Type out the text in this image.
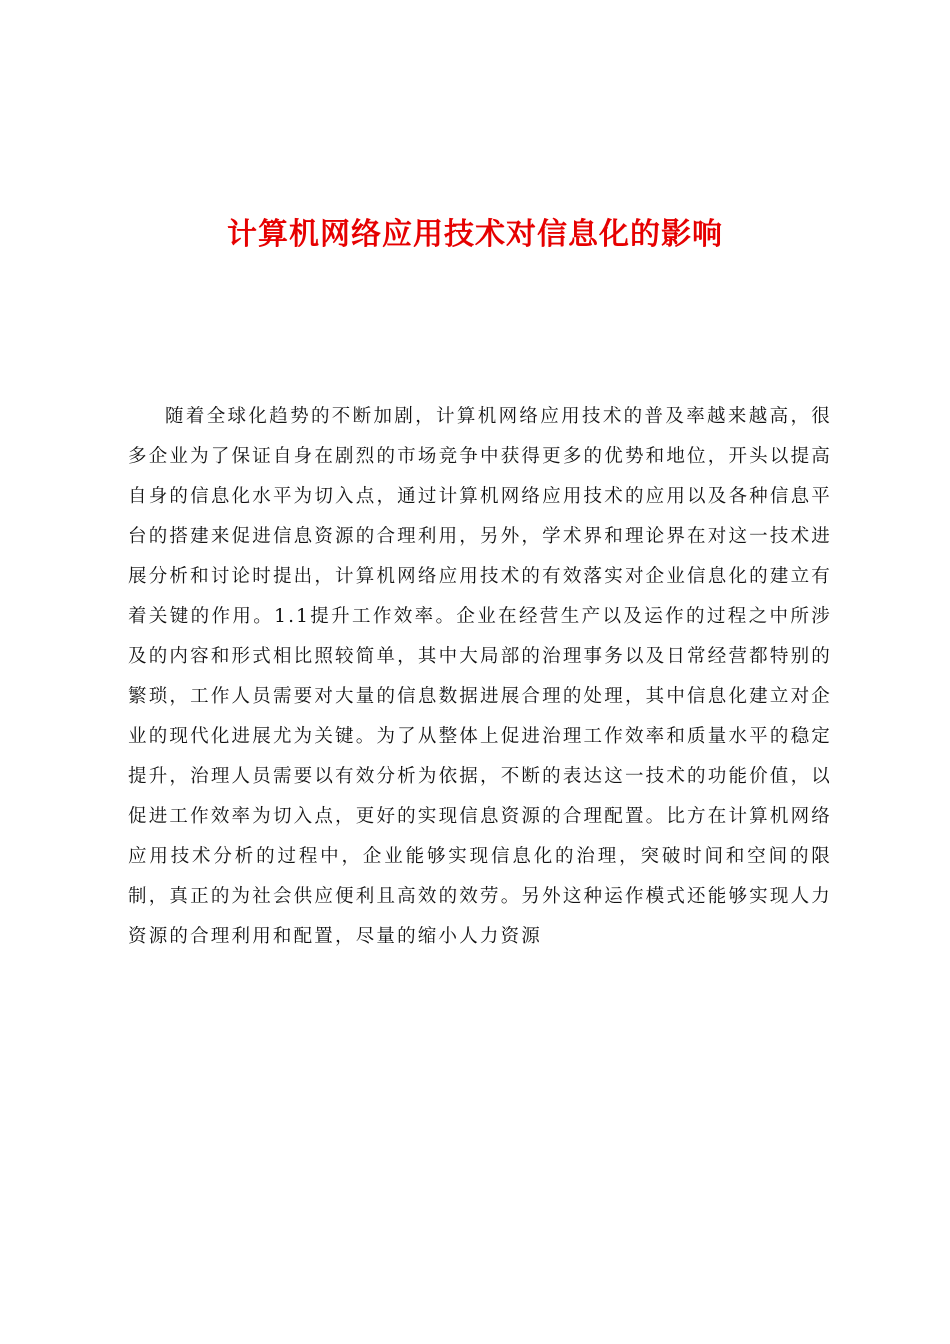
计算机网络应用技术对信息化的影响

随着全球化趋势的不断加剧，计算机网络应用技术的普及率越来越高，很多企业为了保证自身在剧烈的市场竞争中获得更多的优势和地位，开头以提高自身的信息化水平为切入点，通过计算机网络应用技术的应用以及各种信息平台的搭建来促进信息资源的合理利用，另外，学术界和理论界在对这一技术进展分析和讨论时提出，计算机网络应用技术的有效落实对企业信息化的建立有着关键的作用。1.1提升工作效率。企业在经营生产以及运作的过程之中所涉及的内容和形式相比照较简单，其中大局部的治理事务以及日常经营都特别的繁琐，工作人员需要对大量的信息数据进展合理的处理，其中信息化建立对企业的现代化进展尤为关键。为了从整体上促进治理工作效率和质量水平的稳定提升，治理人员需要以有效分析为依据，不断的表达这一技术的功能价值，以促进工作效率为切入点，更好的实现信息资源的合理配置。比方在计算机网络应用技术分析的过程中，企业能够实现信息化的治理，突破时间和空间的限制，真正的为社会供应便利且高效的效劳。另外这种运作模式还能够实现人力资源的合理利用和配置，尽量的缩小人力资源
